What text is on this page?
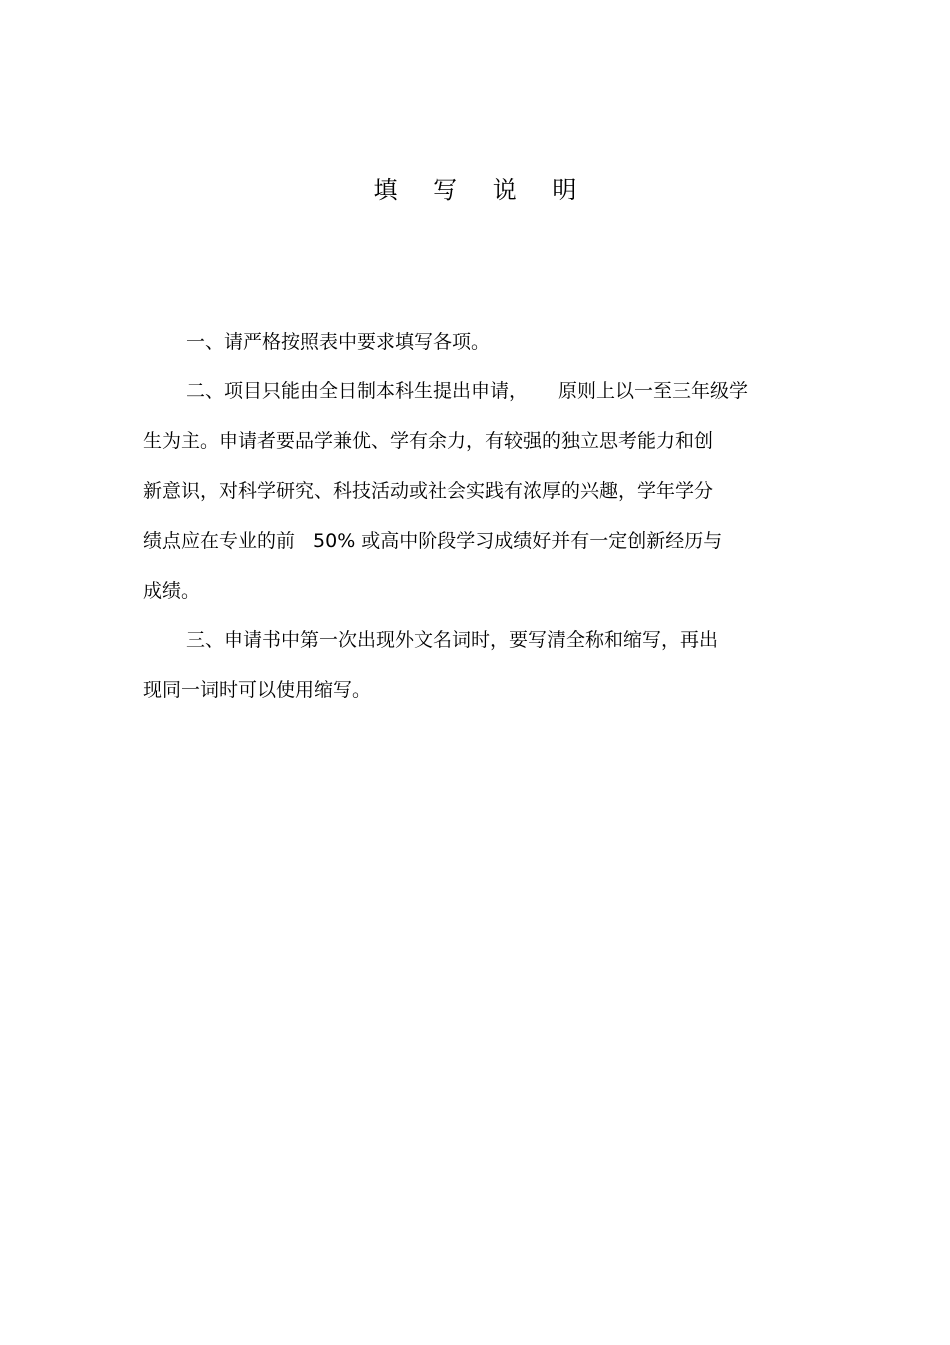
填 写 说 明
一、请严格按照表中要求填写各项。
二、项目只能由全日制本科生提出申请， 原则上以一至三年级学
生为主。申请者要品学兼优、学有余力，有较强的独立思考能力和创
新意识，对科学研究、科技活动或社会实践有浓厚的兴趣，学年学分
绩点应在专业的前 50% 或高中阶段学习成绩好并有一定创新经历与
成绩。
三、申请书中第一次出现外文名词时，要写清全称和缩写，再出
现同一词时可以使用缩写。
